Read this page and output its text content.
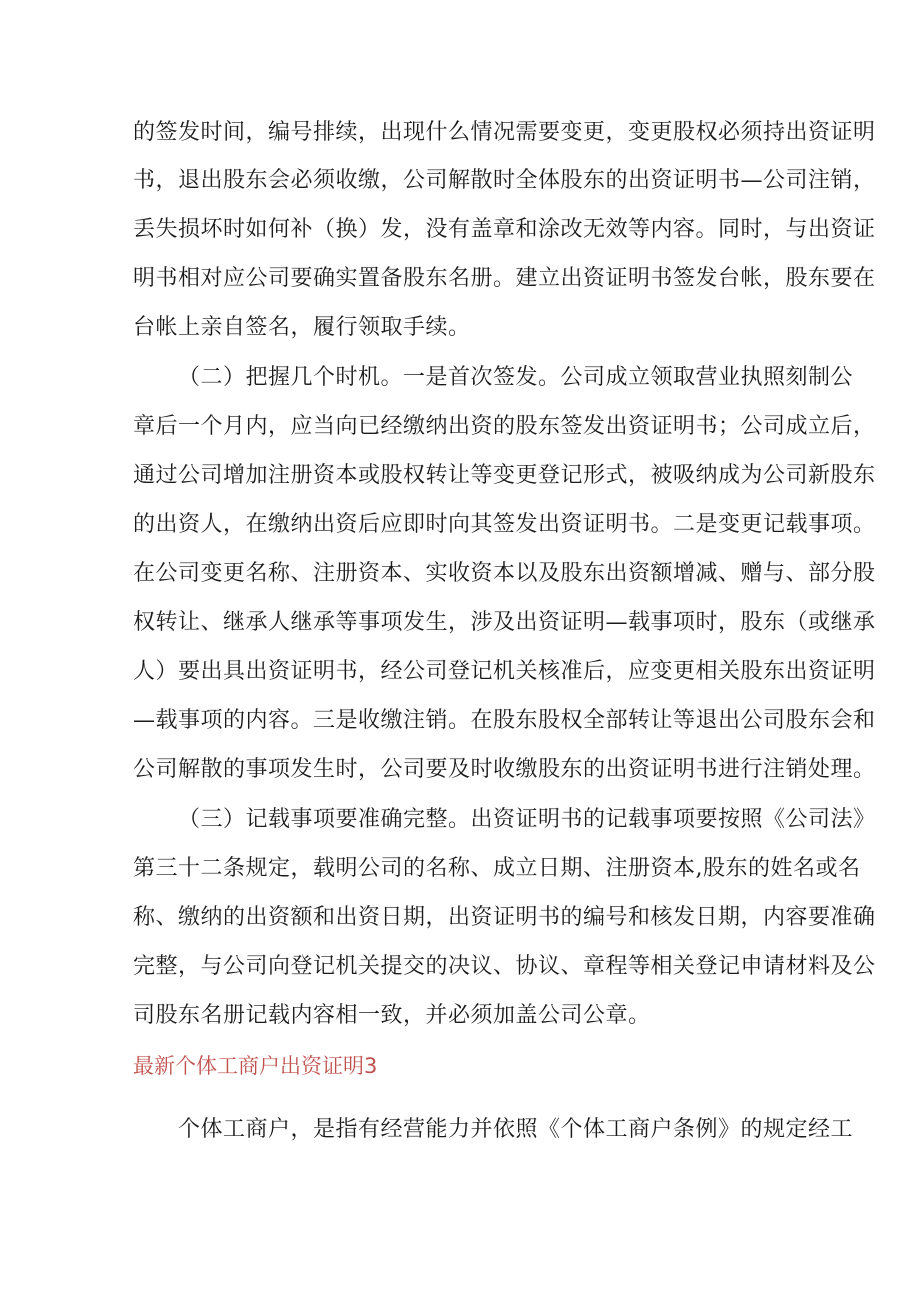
的签发时间，编号排续，出现什么情况需要变更，变更股权必须持出资证明
书，退出股东会必须收缴，公司解散时全体股东的出资证明书—公司注销，
丢失损坏时如何补（换）发，没有盖章和涂改无效等内容。同时，与出资证
明书相对应公司要确实置备股东名册。建立出资证明书签发台帐，股东要在
台帐上亲自签名，履行领取手续。
（二）把握几个时机。一是首次签发。公司成立领取营业执照刻制公
章后一个月内，应当向已经缴纳出资的股东签发出资证明书；公司成立后，
通过公司增加注册资本或股权转让等变更登记形式，被吸纳成为公司新股东
的出资人，在缴纳出资后应即时向其签发出资证明书。二是变更记载事项。
在公司变更名称、注册资本、实收资本以及股东出资额增减、赠与、部分股
权转让、继承人继承等事项发生，涉及出资证明—载事项时，股东（或继承
人）要出具出资证明书，经公司登记机关核准后，应变更相关股东出资证明
—载事项的内容。三是收缴注销。在股东股权全部转让等退出公司股东会和
公司解散的事项发生时，公司要及时收缴股东的出资证明书进行注销处理。
（三）记载事项要准确完整。出资证明书的记载事项要按照《公司法》
第三十二条规定，载明公司的名称、成立日期、注册资本,股东的姓名或名
称、缴纳的出资额和出资日期，出资证明书的编号和核发日期，内容要准确
完整，与公司向登记机关提交的决议、协议、章程等相关登记申请材料及公
司股东名册记载内容相一致，并必须加盖公司公章。
最新个体工商户出资证明3
个体工商户，是指有经营能力并依照《个体工商户条例》的规定经工
